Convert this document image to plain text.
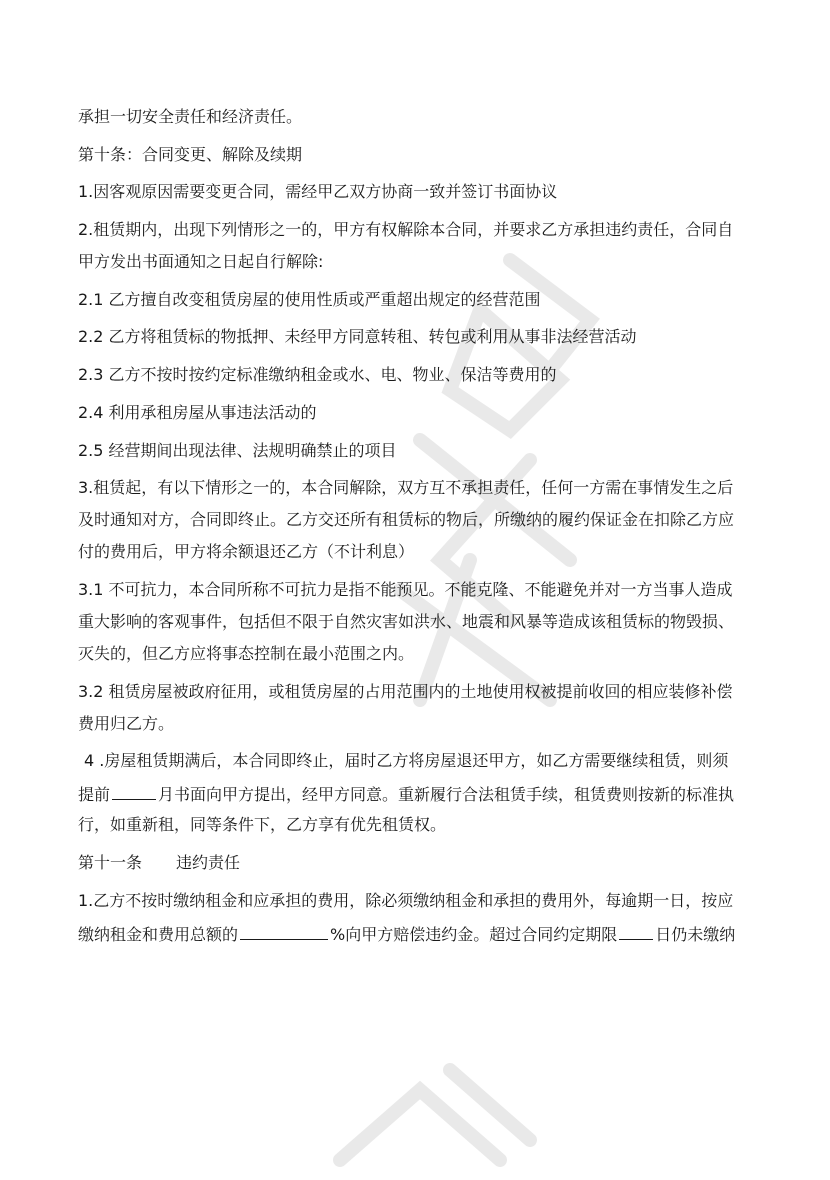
承担一切安全责任和经济责任。
第十条：合同变更、解除及续期
1.因客观原因需要变更合同，需经甲乙双方协商一致并签订书面协议
2.租赁期内，出现下列情形之一的，甲方有权解除本合同，并要求乙方承担违约责任，合同自
甲方发出书面通知之日起自行解除:
2.1 乙方擅自改变租赁房屋的使用性质或严重超出规定的经营范围
2.2 乙方将租赁标的物抵押、未经甲方同意转租、转包或利用从事非法经营活动
2.3 乙方不按时按约定标准缴纳租金或水、电、物业、保洁等费用的
2.4 利用承租房屋从事违法活动的
2.5 经营期间出现法律、法规明确禁止的项目
3.租赁起，有以下情形之一的，本合同解除，双方互不承担责任，任何一方需在事情发生之后
及时通知对方，合同即终止。乙方交还所有租赁标的物后，所缴纳的履约保证金在扣除乙方应
付的费用后，甲方将余额退还乙方（不计利息）
3.1 不可抗力，本合同所称不可抗力是指不能预见。不能克隆、不能避免并对一方当事人造成
重大影响的客观事件，包括但不限于自然灾害如洪水、地震和风暴等造成该租赁标的物毁损、
灭失的，但乙方应将事态控制在最小范围之内。
3.2 租赁房屋被政府征用，或租赁房屋的占用范围内的土地使用权被提前收回的相应装修补偿
费用归乙方。
4 .房屋租赁期满后，本合同即终止，届时乙方将房屋退还甲方，如乙方需要继续租赁，则须
提前	月书面向甲方提出，经甲方同意。重新履行合法租赁手续，租赁费则按新的标准执
行，如重新租，同等条件下，乙方享有优先租赁权。
第十一条 违约责任
1.乙方不按时缴纳租金和应承担的费用，除必须缴纳租金和承担的费用外，每逾期一日，按应
缴纳租金和费用总额的	%向甲方赔偿违约金。超过合同约定期限 日仍未缴纳
